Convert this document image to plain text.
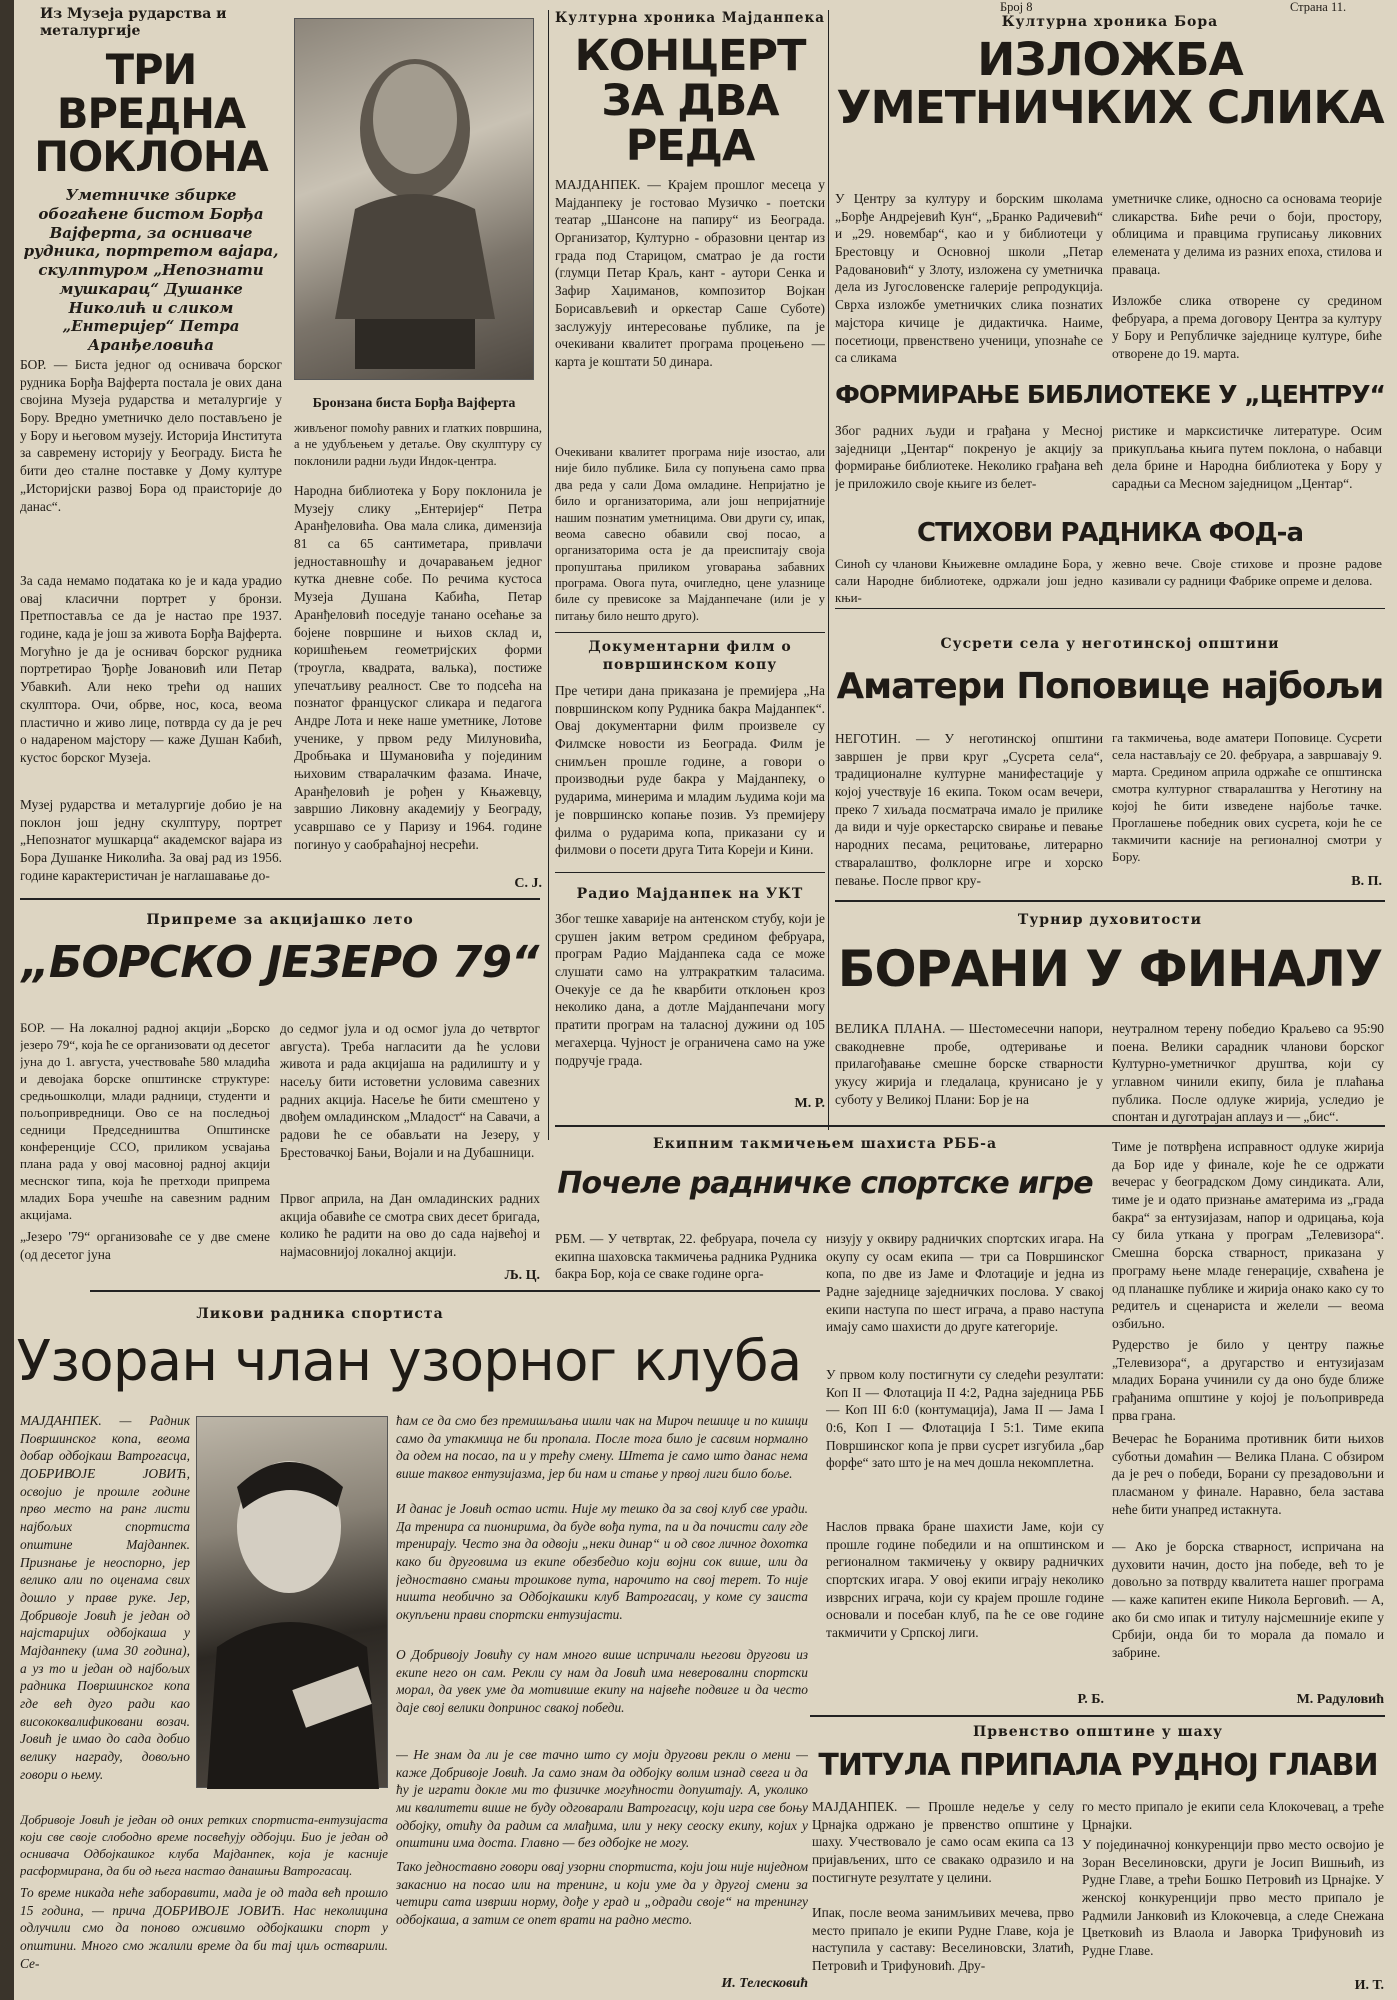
Број 8	Страна 11.
Из Музеја рударства и металургије
ТРИ ВРЕДНА ПОКЛОНА
Уметничке збирке обогаћене бистом Борђа Вајферта, за осниваче рудника, портретом вајара, скулптуром „Непознати мушкарац“ Душанке Николић и сликом „Ентеријер“ Петра Аранђеловића
БОР. — Биста једног од оснивача борског рудника Борђа Вајферта постала је ових дана својина Музеја рударства и металургије у Бору. Вредно уметничко дело постављено је у Бору и његовом музеју. Историја Института за савремену историју у Београду. Биста ће бити део сталне поставке у Дому културе „Историјски развој Бора од праисторије до данас“.
За сада немамо података ко је и када урадио овај класични портрет у бронзи. Претпоставља се да је настао пре 1937. године, када је још за живота Борђа Вајферта. Могућно је да је оснивач борског рудника портретирао Ђорђе Јовановић или Петар Убавкић. Али неко трећи од наших скулптора. Очи, обрве, нос, коса, веома пластично и живо лице, потврда су да је реч о надареном мајстору — каже Душан Кабић, кустос борског Музеја.
Музеј рударства и металургије добио је на поклон још једну скулптуру, портрет „Непознатог мушкарца“ академског вајара из Бора Душанке Николића. За овај рад из 1956. године карактеристичан је наглашавање до-
Бронзана биста Борђа Вајферта
живљеног помоћу равних и глатких површина, а не удубљењем у детаље. Ову скулптуру су поклонили радни људи Индок-центра.
Народна библиотека у Бору поклонила је Музеју слику „Ентеријер“ Петра Аранђеловића. Ова мала слика, димензија 81 са 65 сантиметара, привлачи једноставношћу и дочаравањем једног кутка дневне собе. По речима кустоса Музеја Душана Кабића, Петар Аранђеловић поседује танано осећање за бојене површине и њихов склад и, коришћењем геометријских форми (троугла, квадрата, валька), постиже упечатљиву реалност. Све то подсећа на познатог француског сликара и педагога Андре Лота и неке наше уметнике, Лотове ученике, у првом реду Милуновића, Дробњака и Шумановића у појединим њиховим стваралачким фазама. Иначе, Аранђеловић је рођен у Књажевцу, завршио Ликовну академију у Београду, усавршаво се у Паризу и 1964. године погинуо у саобраћајној несрећи.
С. Ј.
Културна хроника Мајданпека
КОНЦЕРТ ЗА ДВА РЕДА
МАЈДАНПЕК. — Крајем прошлог месеца у Мајданпеку је гостовао Музичко - поетски театар „Шансоне на папиру“ из Београда. Организатор, Културно - образовни центар из града под Старицом, сматрао је да гости (глумци Петар Краљ, кант - аутори Сенка и Зафир Хаџиманов, композитор Војкан Борисављевић и оркестар Саше Суботе) заслужују интересовање публике, па је очекивани квалитет програма процењено — карта је коштати 50 динара.
Очекивани квалитет програма није изостао, али није било публике. Била су попуњена само прва два реда у сали Дома омладине. Непријатно је било и организаторима, али још непријатније нашим познатим уметницима. Ови други су, ипак, веома савесно обавили свој посао, а организаторима оста је да преиспитају своја пропуштања приликом уговарања забавних програма. Овога пута, очигледно, цене улазнице биле су превисоке за Мајданпечане (или је у питању било нешто друго).
Документарни филм о површинском копу
Пре четири дана приказана је премијера „На површинском копу Рудника бакра Мајданпек“. Овај документарни филм произвеле су Филмске новости из Београда. Филм је снимљен прошле године, а говори о производњи руде бакра у Мајданпеку, о рударима, минерима и младим људима који ма је површинско копање позив. Уз премијеру филма о рударима копа, приказани су и филмови о посети друга Тита Кореји и Кини.
Радио Мајданпек на УКТ
Због тешке хаварије на антенском стубу, који је срушен јаким ветром средином фебруара, програм Радио Мајданпека сада се може слушати само на ултракратким таласима. Очекује се да ће кварбити отклоњен кроз неколико дана, а дотле Мајданпечани могу пратити програм на таласној дужини од 105 мегахерца. Чујност је ограничена само на уже подручје града.
М. Р.
Културна хроника Бора
ИЗЛОЖБА УМЕТНИЧКИХ СЛИКА
У Центру за културу и борским школама „Борђе Андрејевић Кун“, „Бранко Радичевић“ и „29. новембар“, као и у библиотеци у Брестовцу и Основној школи „Петар Радовановић“ у Злоту, изложена су уметничка дела из Југословенске галерије репродукција. Сврха изложбе уметничких слика познатих мајстора кичице је дидактичка. Наиме, посетиоци, првенствено ученици, упознаће се са сликама
уметничке слике, односно са основама теорије сликарства. Биће речи о боји, простору, облицима и правцима груписању ликовних елемената у делима из разних епоха, стилова и праваца.
Изложбе слика отворене су средином фебруара, а према договору Центра за културу у Бору и Републичке заједнице културе, биће отворене до 19. марта.
ФОРМИРАЊЕ БИБЛИОТЕКЕ У „ЦЕНТРУ“
Због радних људи и грађана у Месној заједници „Центар“ покренуо је акцију за формирање библиотеке. Неколико грађана већ је приложило своје књиге из белет-
ристике и марксистичке литературе. Осим прикупљања књига путем поклона, о набавци дела брине и Народна библиотека у Бору у сарадњи са Месном заједницом „Центар“.
СТИХОВИ РАДНИКА ФОД-а
Синоћ су чланови Књижевне омладине Бора, у сали Народне библиотеке, одржали још једно књи-
жевно вече. Своје стихове и прозне радове казивали су радници Фабрике опреме и делова.
Сусрети села у неготинској општини
Аматери Поповице најбољи
НЕГОТИН. — У неготинској општини завршен је први круг „Сусрета села“, традиционалне културне манифестације у којој учествује 16 екипа. Током осам вечери, преко 7 хиљада посматрача имало је прилике да види и чује оркестарско свирање и певање народних песама, рецитовање, литерарно стваралаштво, фолклорне игре и хорско певање. После првог кру-
га такмичења, воде аматери Поповице. Сусрети села настављају се 20. фебруара, а завршавају 9. марта. Средином априла одржаће се општинска смотра културног стваралаштва у Неготину на којој ће бити изведене најбоље тачке. Проглашење победник ових сусрета, који ће се такмичити касније на регионалној смотри у Бору.
В. П.
Припреме за акцијашко лето
„БОРСКО ЈЕЗЕРО 79“
БОР. — На локалној радној акцији „Борско језеро 79“, која ће се организовати од десетог јуна до 1. августа, учествоваће 580 младића и девојака борске општинске структуре: средњошколци, млади радници, студенти и пољопривредници. Ово се на последњој седници Председништва Општинске конференције ССО, приликом усвајања плана рада у овој масовној радној акцији меснског типа, која ће претходи припрема младих Бора учешће на савезним радним акцијама.
„Језеро '79“ организоваће се у две смене (од десетог јуна
до седмог јула и од осмог јула до четвртог августа). Треба нагласити да ће услови живота и рада акцијаша на радилишту и у насељу бити истоветни условима савезних радних акција. Насеље ће бити смештено у двођем омладинском „Младост“ на Савачи, а радови ће се обављати на Језеру, у Брестовачкој Бањи, Војали и на Дубашници.
Првог априла, на Дан омладинских радних акција обавиће се смотра свих десет бригада, колико ће радити на ово до сада највећој и најмасовнијој локалној акцији.
Љ. Ц.
Турнир духовитости
БОРАНИ У ФИНАЛУ
ВЕЛИКА ПЛАНА. — Шестомесечни напори, свакодневне пробе, одтеривање и прилагођавање смешне борске стварности укусу жирија и гледалаца, крунисано је у суботу у Великој Плани: Бор је на
неутралном терену победио Краљево са 95:90 поена. Велики сарадник чланови борског Културно-уметничког друштва, који су углавном чинили екипу, била је плаћања публика. После одлуке жирија, уследио је спонтан и дуготрајан аплауз и — „бис“.
Тиме је потврђена исправност одлуке жирија да Бор иде у финале, које ће се одржати вечерас у београдском Дому синдиката. Али, тиме је и одато признање аматерима из „града бакра“ за ентузијазам, напор и одрицања, која су била уткана у програм „Телевизора“. Смешна борска стварност, приказана у програму њене младе генерације, схваћена је од планашке публике и жирија онако како су то редитељ и сценариста и желели — веома озбиљно.
Рудерство је било у центру пажње „Телевизора“, а другарство и ентузијазам младих Борана учинили су да оно буде ближе грађанима општине у којој је пољопривреда прва грана.
Вечерас ће Боранима противник бити њихов суботњи домаћин — Велика Плана. С обзиром да је реч о победи, Борани су презадовољни и пласманом у финале. Наравно, бела застава неће бити унапред истакнута.
— Ако је борска стварност, испричана на духовити начин, досто јна победе, већ то је довољно за потврду квалитета нашег програма — каже капитен екипе Никола Берговић. — А, ако би смо ипак и титулу најсмешније екипе у Србији, онда би то морала да помало и забрине.
М. Радуловић
Екипним такмичењем шахиста РББ-а
Почеле радничке спортске игре
РБМ. — У четвртак, 22. фебруара, почела су екипна шаховска такмичења радника Рудника бакра Бор, која се сваке године орга-
низују у оквиру радничких спортских игара. На окупу су осам екипа — три са Површинског копа, по две из Јаме и Флотације и једна из Радне заједнице заједничких послова. У свакој екипи наступа по шест играча, а право наступа имају само шахисти до друге категорије.
У првом колу постигнути су следећи резултати: Коп II — Флотација II 4:2, Радна заједница РББ — Коп III 6:0 (контумација), Јама II — Јама I 0:6, Коп I — Флотација I 5:1. Тиме екипа Површинског копа је први сусрет изгубила „бар форфе“ зато што је на меч дошла некомплетна.
Наслов првака бране шахисти Јаме, који су прошле године победили и на општинском и регионалном такмичењу у оквиру радничких спортских игара. У овој екипи играју неколико изврсних играча, који су крајем прошле године основали и посебан клуб, па ће се ове године такмичити у Српској лиги.
Р. Б.
Ликови радника спортиста
Узоран члан узорног клуба
МАЈДАНПЕК. — Радник Површинског копа, веома добар одбојкаш Ватрогасца, ДОБРИВОЈЕ ЈОВИЋ, освојио је прошле године прво место на ранг листи најбољих спортиста општине Мајданпек. Признање је неоспорно, јер велико али по оценама свих дошло у праве руке. Јер, Добривоје Јовић је један од најстаријих одбојкаша у Мајданпеку (има 30 година), а уз то и један од најбољих радника Површинског копа где већ дуго ради као висококвалификовани возач. Јовић је имао до сада добио велику награду, довољно говори о њему.
Добривоје Јовић је један од оних ретких спортиста-ентузијаста који све своје слободно време посвећују одбојци. Био је један од оснивача Одбојкашког клуба Мајданпек, која је касније расформирана, да би од њега настао данашњи Ватрогасац.
То време никада неће заборавити, мада је од тада већ прошло 15 година, — прича ДОБРИВОЈЕ ЈОВИЋ. Нас неколицина одлучили смо да поново оживимо одбојкашки спорт у општини. Много смо жалили време да би тај циљ остварили. Се-
ћам се да смо без премишљања ишли чак на Мироч пешице и по кишци само да утакмица не би пропала. После тога било је сасвим нормално да одем на посао, па и у трећу смену. Штета је само што данас нема више таквог ентузијазма, јер би нам и стање у првој лиги било боље.
И данас је Јовић остао исти. Није му тешко да за свој клуб све уради. Да тренира са пионирима, да буде вођа пута, па и да почисти салу где тренирају. Често зна да одвоји „неки динар“ и од свог личног дохотка како би друговима из екипе обезбедио који војни сок више, или да једноставно смањи трошкове пута, нарочито на свој терет. То није ништа необично за Одбојкашки клуб Ватрогасац, у коме су заиста окупљени прави спортски ентузијасти.
О Добривоју Јовићу су нам много више испричали његови другови из екипе него он сам. Рекли су нам да Јовић има неверовални спортски морал, да увек уме да мотивише екипу на највеће подвиге и да често даје свој велики допринос свакој победи.
— Не знам да ли је све тачно што су моји другови рекли о мени — каже Добривоје Јовић. Ја само знам да одбојку волим изнад свега и да ћу је играти докле ми то физичке могућности допуштају. А, уколико ми квалитети више не буду одговарали Ватрогасцу, који игра све боњу одбојку, отићу да радим са млађима, или у неку сеоску екипу, којих у општини има доста. Главно — без одбојке не могу.
Тако једноставно говори овај узорни спортиста, који још није ниједном закаснио на посао или на тренинг, и који уме да у другој смени за четири сата изврши норму, дође у град и „одради своје“ на тренингу одбојкаша, а затим се опет врати на радно место.
И. Телесковић
Првенство општине у шаху
ТИТУЛА ПРИПАЛА РУДНОЈ ГЛАВИ
МАЈДАНПЕК. — Прошле недеље у селу Црнајка одржано је првенство општине у шаху. Учествовало је само осам екипа са 13 пријављених, што се свакако одразило и на постигнуте резултате у целини.
Ипак, после веома занимљивих мечева, прво место припало је екипи Рудне Главе, која је наступила у саставу: Веселиновски, Златић, Петровић и Трифуновић. Дру-
го место припало је екипи села Клокочевац, а треће Црнајки.
У појединачној конкуренцији прво место освојио је Зоран Веселиновски, други је Јосип Вишњић, из Рудне Главе, а трећи Бошко Петровић из Црнајке. У женској конкуренцији прво место припало је Радмили Јанковић из Клокочевца, а следе Снежана Цветковић из Влаола и Јаворка Трифуновић из Рудне Главе.
И. Т.
